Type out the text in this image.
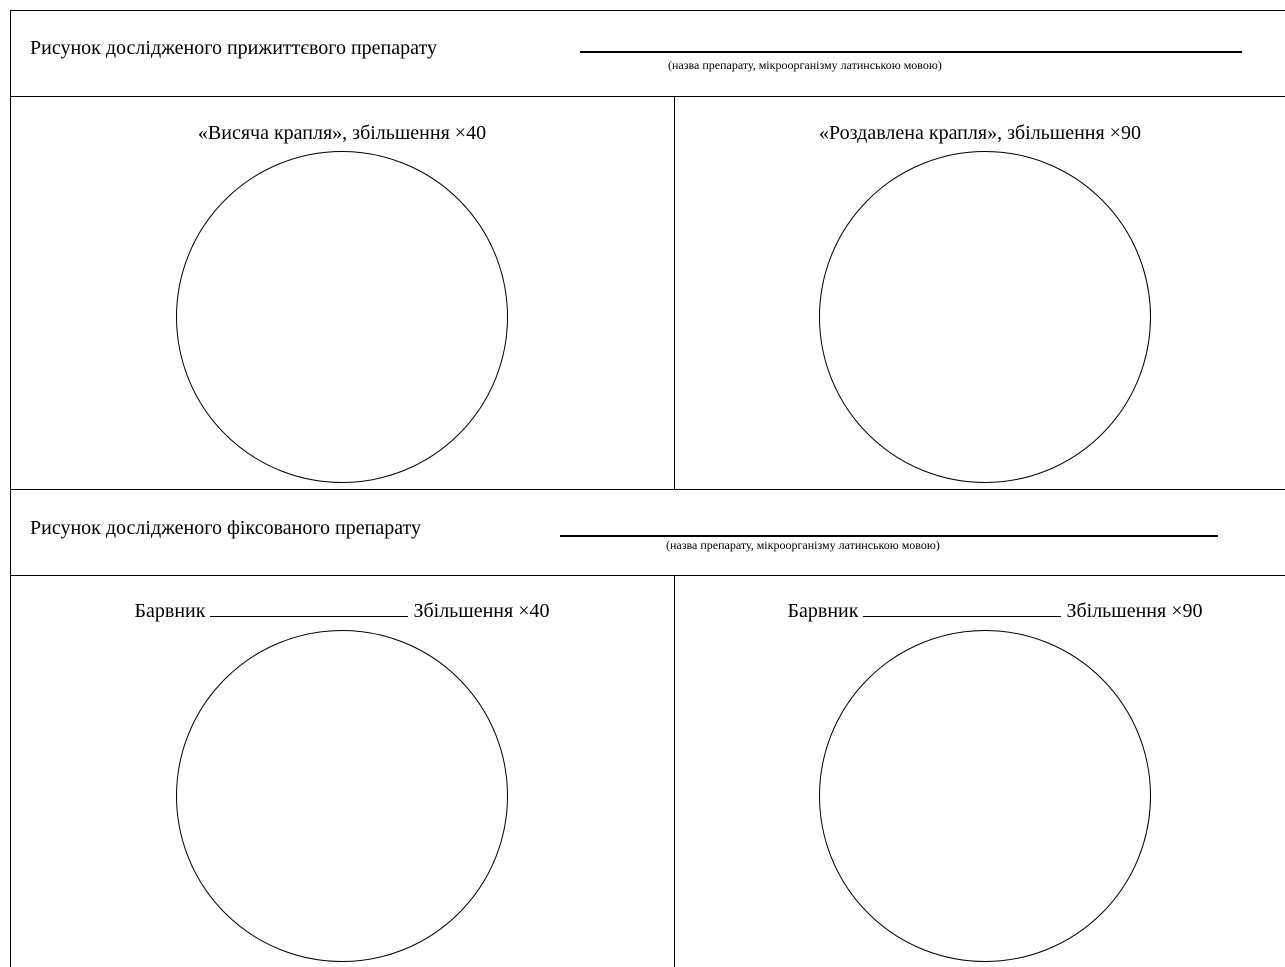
Рисунок дослідженого прижиттєвого препарату
(назва препарату, мікроорганізму латинською мовою)
«Висяча крапля», збільшення ×40	«Роздавлена крапля», збільшення ×90
Рисунок дослідженого фіксованого препарату
(назва препарату, мікроорганізму латинською мовою)
Барвник	Збільшення ×40	Барвник	Збільшення ×90
